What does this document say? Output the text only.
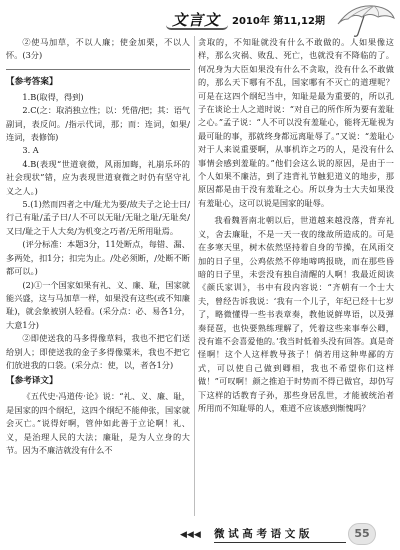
文言文 2010年 第11,12期

②使马加草，不以人廉；使金加栗，不以人怀。(3分)

【参考答案】

1.B(取得，得到)

2.C(之：取消独立性；以：凭借/把；其：语气副词，表反问。/指示代词，那；而：连词，如果/连词，表修饰)

3. A

4.B(表现“世道衰微，风雨加晦，礼崩乐坏的社会现状”错，应为表现世道衰微之时仍有坚守礼义之人。)

5.(1)然而四者之中/耻尤为要/故夫子之论士曰/行己有耻/孟子曰/人不可以无耻/无耻之耻/无耻矣/又曰/耻之于人大矣/为机变之巧者/无所用耻焉。

(评分标准：本题3分，11处断点，每错、漏、多两处，扣1分；扣完为止。/处必须断，/处断不断都可以。)

(2)①一个国家如果有礼、义、廉、耻，国家就能兴盛，这与马加草一样，如果没有这些(或不知廉耻)，就会象被别人轻看。(采分点：必、易各1分，大意1分)

②即使送我的马多得像草料，我也不把它们送给别人；即使送我的金子多得像粟米，我也不把它们放进我的口袋。(采分点：使，以，者各1分)

【参考译文】

《五代史·冯道传·论》说：“礼、义、廉、耻，是国家的四个纲纪，这四个纲纪不能伸张，国家就会灭亡。”说得好啊，管仲如此善于立论啊！礼、义，是治理人民的大法；廉耻，是为人立身的大节。因为不廉洁就没有什么不

贪取的，不知耻就没有什么不敢做的。人如果像这样，那么灾祸、败乱、死亡，也就没有不降临的了。何况身为大臣如果没有什么不贪取，没有什么不敢做的，那么天下哪有不乱，国家哪有不灭亡的道理呢？可是在这四个纲纪当中，知耻是最为重要的，所以孔子在谈论士人之道时说：“对自己的所作所为要有羞耻之心。”孟子说：“人不可以没有羞耻心，能将无耻视为最可耻的事，那就终身都远离耻辱了。”又说：“羞耻心对于人来说重要啊，从事机诈之巧的人，是没有什么事情会感到羞耻的。”他们会这么说的原因，是由于一个人如果不廉洁，到了违背礼节触犯道义的地步，那原因都是由于没有羞耻之心。所以身为士大夫如果没有羞耻心，这可以说是国家的耻辱。

我看魏晋南北朝以后，世道越来越没落，背弃礼义，舍去廉耻，不是一天一夜的缘故所造成的。可是在多寒天里，树木依然坚持着自身的节操，在风雨交加的日子里，公鸡依然不停地啼鸣报晓，而在那些昏暗的日子里，未尝没有独自清醒的人啊！我最近阅读《颜氏家训》，书中有段内容说：“齐朝有一个士大夫，曾经告诉我说：‘我有一个儿子，年纪已经十七岁了，略微懂得一些书表章奏，教他说鲜卑语，以及弹奏琵琶，也快要熟练理解了，凭着这些来事奉公卿，没有谁不会喜爱他的。’我当时低着头没有回答。真是奇怪啊！这个人这样教导孩子！倘若用这种卑鄙的方式，可以使自己做到卿相，我也不希望你们这样做！”可叹啊！颜之推迫于时势而不得已做官，却仍写下这样的话教育子孙，那些身居乱世，才能被统治者所用而不知耻辱的人，难道不应该感到惭愧吗？

◀◀◀ 微 试 高 考 语 文 版	55
